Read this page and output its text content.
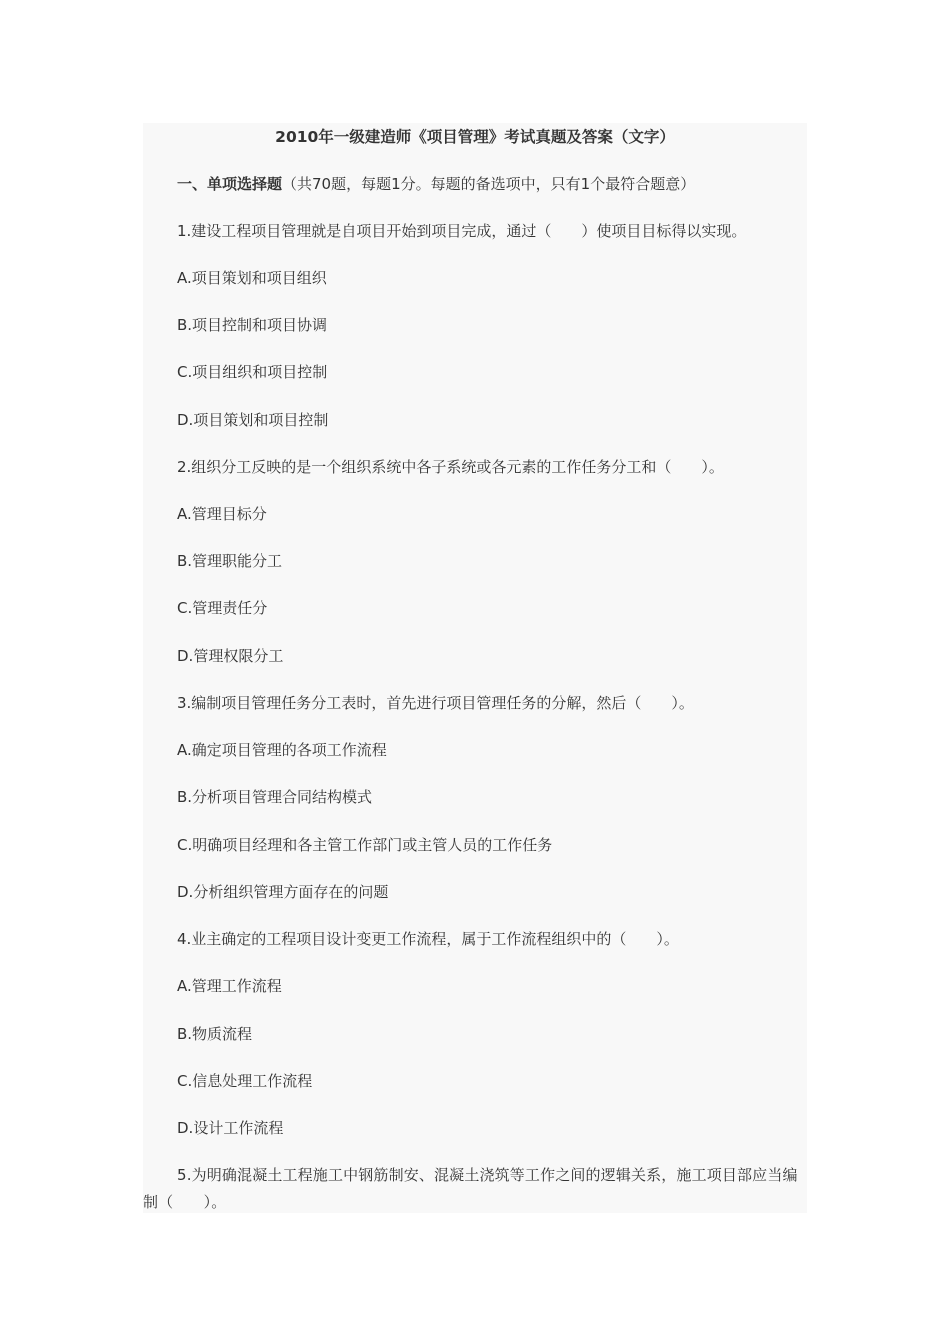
2010年一级建造师《项目管理》考试真题及答案（文字）
一、单项选择题（共70题，每题1分。每题的备选项中，只有1个最符合题意）
1.建设工程项目管理就是自项目开始到项目完成，通过（　　）使项目目标得以实现。
A.项目策划和项目组织
B.项目控制和项目协调
C.项目组织和项目控制
D.项目策划和项目控制
2.组织分工反映的是一个组织系统中各子系统或各元素的工作任务分工和（　　）。
A.管理目标分
B.管理职能分工
C.管理责任分
D.管理权限分工
3.编制项目管理任务分工表时，首先进行项目管理任务的分解，然后（　　）。
A.确定项目管理的各项工作流程
B.分析项目管理合同结构模式
C.明确项目经理和各主管工作部门或主管人员的工作任务
D.分析组织管理方面存在的问题
4.业主确定的工程项目设计变更工作流程，属于工作流程组织中的（　　）。
A.管理工作流程
B.物质流程
C.信息处理工作流程
D.设计工作流程
5.为明确混凝土工程施工中钢筋制安、混凝土浇筑等工作之间的逻辑关系，施工项目部应当编制（　　）。
